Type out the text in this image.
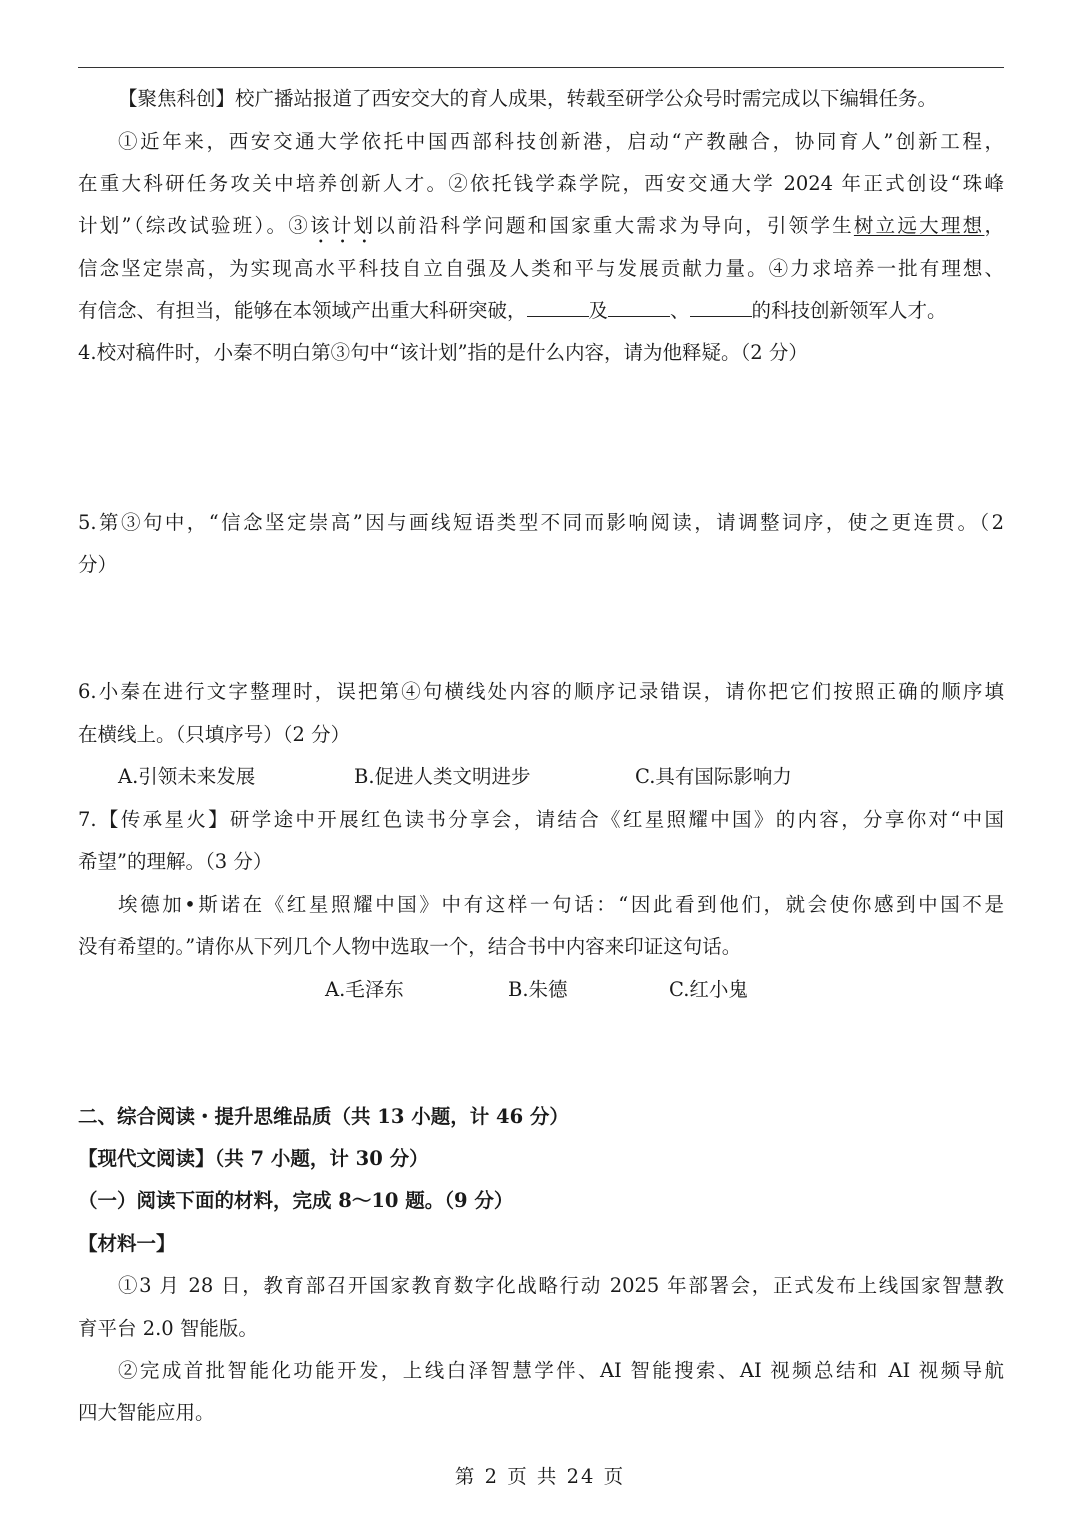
【聚焦科创】校广播站报道了西安交大的育人成果，转载至研学公众号时需完成以下编辑任务。
①近年来，西安交通大学依托中国西部科技创新港，启动“产教融合，协同育人”创新工程，
在重大科研任务攻关中培养创新人才。②依托钱学森学院，西安交通大学 2024 年正式创设“珠峰
计划”（综改试验班）。③该计划以前沿科学问题和国家重大需求为导向，引领学生树立远大理想，
信念坚定崇高，为实现高水平科技自立自强及人类和平与发展贡献力量。④力求培养一批有理想、
有信念、有担当，能够在本领域产出重大科研突破，	及	、	的科技创新领军人才。
4.校对稿件时，小秦不明白第③句中“该计划”指的是什么内容，请为他释疑。（2 分）
5.第③句中，“信念坚定崇高”因与画线短语类型不同而影响阅读，请调整词序，使之更连贯。（2
分）
6.小秦在进行文字整理时，误把第④句横线处内容的顺序记录错误，请你把它们按照正确的顺序填
在横线上。（只填序号）（2 分）
A.引领未来发展	B.促进人类文明进步	C.具有国际影响力
7.【传承星火】研学途中开展红色读书分享会，请结合《红星照耀中国》的内容，分享你对“中国
希望”的理解。（3 分）
埃德加•斯诺在《红星照耀中国》中有这样一句话：“因此看到他们，就会使你感到中国不是
没有希望的。”请你从下列几个人物中选取一个，结合书中内容来印证这句话。
A.毛泽东	B.朱德	C.红小鬼
二、综合阅读・提升思维品质（共 13 小题，计 46 分）
【现代文阅读】（共 7 小题，计 30 分）
（一）阅读下面的材料，完成 8～10 题。（9 分）
【材料一】
①3 月 28 日，教育部召开国家教育数字化战略行动 2025 年部署会，正式发布上线国家智慧教
育平台 2.0 智能版。
②完成首批智能化功能开发，上线白泽智慧学伴、AI 智能搜索、AI 视频总结和 AI 视频导航
四大智能应用。
第 2 页 共 24 页
